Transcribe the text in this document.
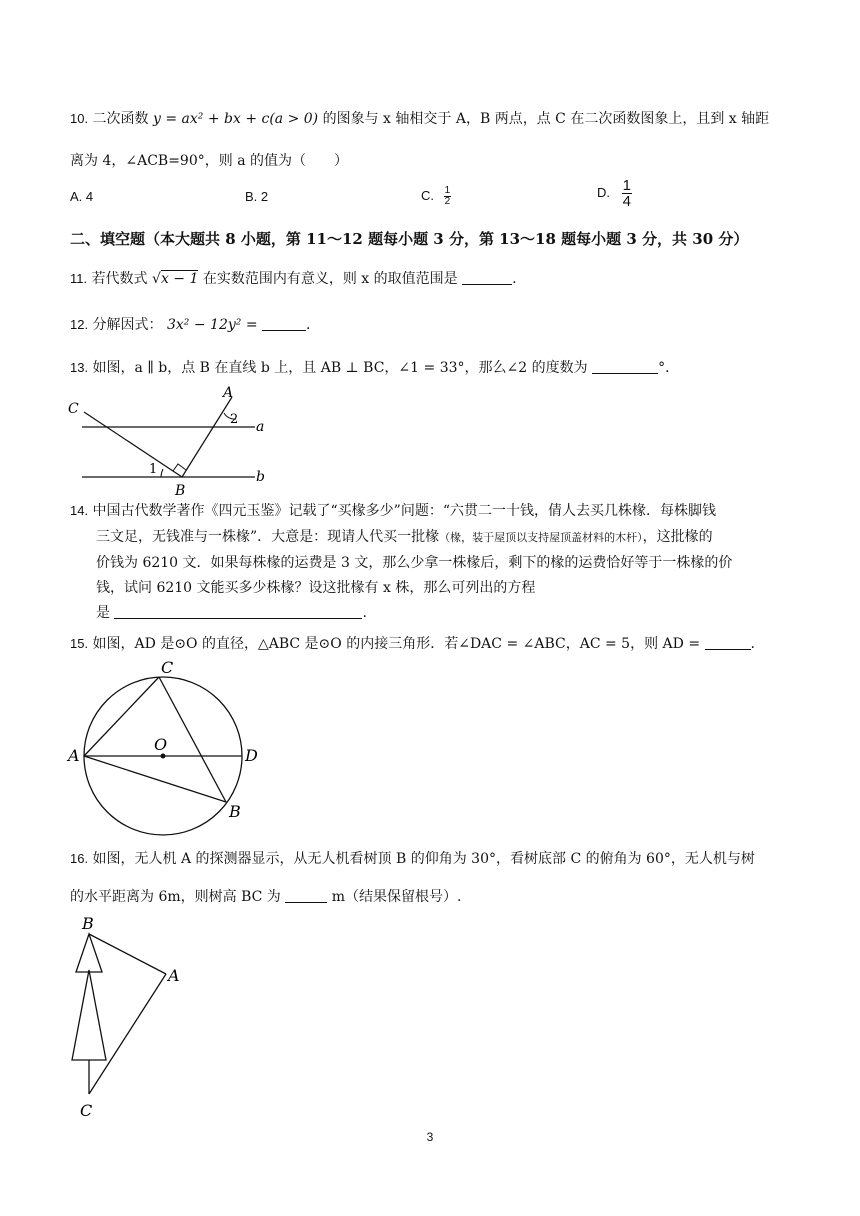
10. 二次函数 y = ax² + bx + c(a > 0) 的图象与 x 轴相交于 A，B 两点，点 C 在二次函数图象上，且到 x 轴距
离为 4，∠ACB=90°，则 a 的值为（　　）
A. 4	B. 2	C. $\frac{1}{2}$	D. $\frac{1}{4}$
二、填空题（本大题共 8 小题，第 11～12 题每小题 3 分，第 13～18 题每小题 3 分，共 30 分）
11. 若代数式 √x − 1 在实数范围内有意义，则 x 的取值范围是	.
12. 分解因式： 3x² − 12y² =	.
13. 如图，a ∥ b，点 B 在直线 b 上，且 AB ⊥ BC，∠1 = 33°，那么∠2 的度数为	°．
C
A
2 a
1
B
b
14. 中国古代数学著作《四元玉鉴》记载了“买椽多少”问题：“六贯二一十钱，倩人去买几株椽．每株脚钱
三文足，无钱准与一株椽”．大意是：现请人代买一批椽（椽，装于屋顶以支持屋顶盖材料的木杆），这批椽的
价钱为 6210 文．如果每株椽的运费是 3 文，那么少拿一株椽后，剩下的椽的运费恰好等于一株椽的价
钱，试问 6210 文能买多少株椽？设这批椽有 x 株，那么可列出的方程
是	.
15. 如图，AD 是⊙O 的直径，△ABC 是⊙O 的内接三角形．若∠DAC = ∠ABC，AC = 5，则 AD =	.
C
O
A	D
B
16. 如图，无人机 A 的探测器显示，从无人机看树顶 B 的仰角为 30°，看树底部 C 的俯角为 60°，无人机与树
的水平距离为 6m，则树高 BC 为	m（结果保留根号）.
B
A
C
3
